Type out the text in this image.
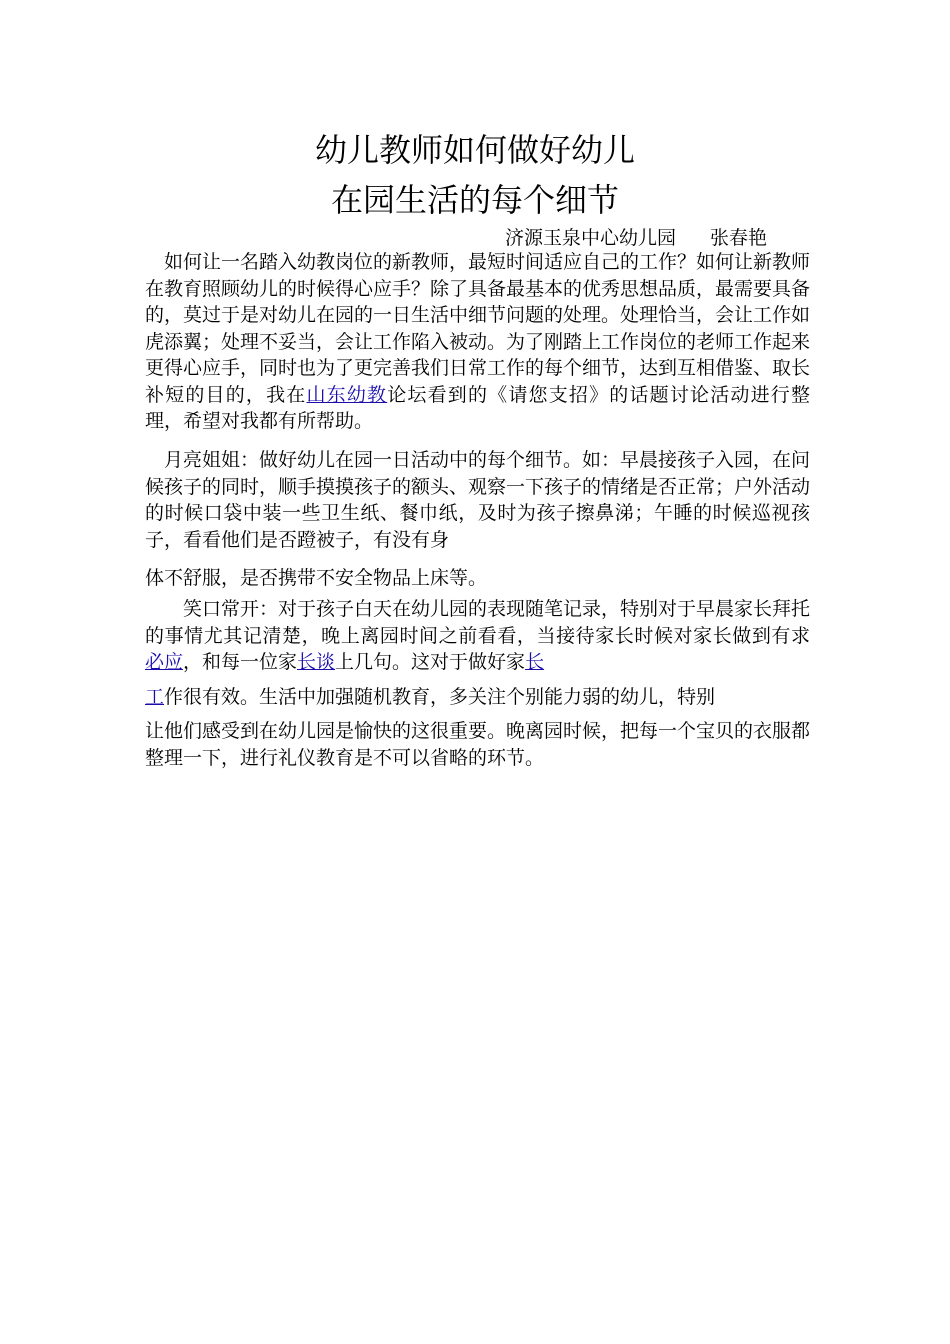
幼儿教师如何做好幼儿
在园生活的每个细节
济源玉泉中心幼儿园 张春艳

　如何让一名踏入幼教岗位的新教师，最短时间适应自己的工作？如何让新教师在教育照顾幼儿的时候得心应手？除了具备最基本的优秀思想品质，最需要具备的，莫过于是对幼儿在园的一日生活中细节问题的处理。处理恰当，会让工作如虎添翼；处理不妥当，会让工作陷入被动。为了刚踏上工作岗位的老师工作起来更得心应手，同时也为了更完善我们日常工作的每个细节，达到互相借鉴、取长补短的目的，我在山东幼教论坛看到的《请您支招》的话题讨论活动进行整理，希望对我都有所帮助。

　月亮姐姐：做好幼儿在园一日活动中的每个细节。如：早晨接孩子入园，在问候孩子的同时，顺手摸摸孩子的额头、观察一下孩子的情绪是否正常；户外活动的时候口袋中装一些卫生纸、餐巾纸，及时为孩子擦鼻涕；午睡的时候巡视孩子，看看他们是否蹬被子，有没有身
体不舒服，是否携带不安全物品上床等。

　　笑口常开：对于孩子白天在幼儿园的表现随笔记录，特别对于早晨家长拜托的事情尤其记清楚，晚上离园时间之前看看，当接待家长时候对家长做到有求必应，和每一位家长谈上几句。这对于做好家长
工作很有效。生活中加强随机教育，多关注个别能力弱的幼儿，特别
让他们感受到在幼儿园是愉快的这很重要。晚离园时候，把每一个宝贝的衣服都整理一下，进行礼仪教育是不可以省略的环节。
